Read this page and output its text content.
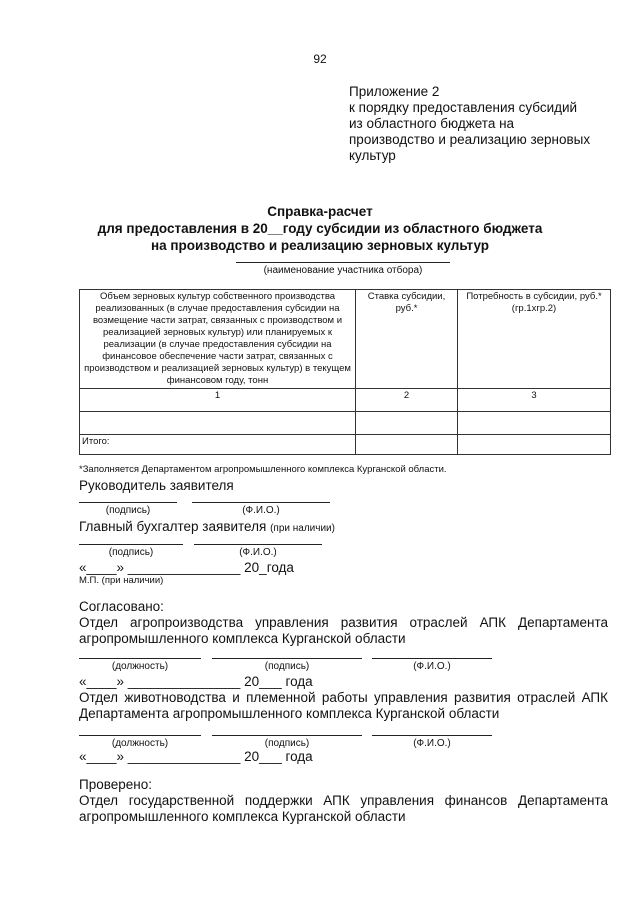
92
Приложение 2
к порядку предоставления субсидий
из областного бюджета на
производство и реализацию зерновых
культур
Справка-расчет
для предоставления в 20__году субсидии из областного бюджета
на производство и реализацию зерновых культур
(наименование участника отбора)
Объем зерновых культур собственного производства реализованных (в случае предоставления субсидии на возмещение части затрат, связанных с производством и реализацией зерновых культур) или планируемых к реализации (в случае предоставления субсидии на финансовое обеспечение части затрат, связанных с производством и реализацией зерновых культур) в текущем финансовом году, тонн	Ставка субсидии, руб.*	Потребность в субсидии, руб.* (гр.1хгр.2)
1	2	3

Итого:		
*Заполняется Департаментом агропромышленного комплекса Курганской области.
Руководитель заявителя
(подпись)	(Ф.И.О.)
Главный бухгалтер заявителя (при наличии)
(подпись)	(Ф.И.О.)
«____» _______________ 20_года
М.П. (при наличии)
Согласовано:
Отдел агропроизводства управления развития отраслей АПК Департамента
агропромышленного комплекса Курганской области
(должность)	(подпись)	(Ф.И.О.)
«____» _______________ 20___ года
Отдел животноводства и племенной работы управления развития отраслей АПК
Департамента агропромышленного комплекса Курганской области
(должность)	(подпись)	(Ф.И.О.)
«____» _______________ 20___ года
Проверено:
Отдел государственной поддержки АПК управления финансов Департамента
агропромышленного комплекса Курганской области
